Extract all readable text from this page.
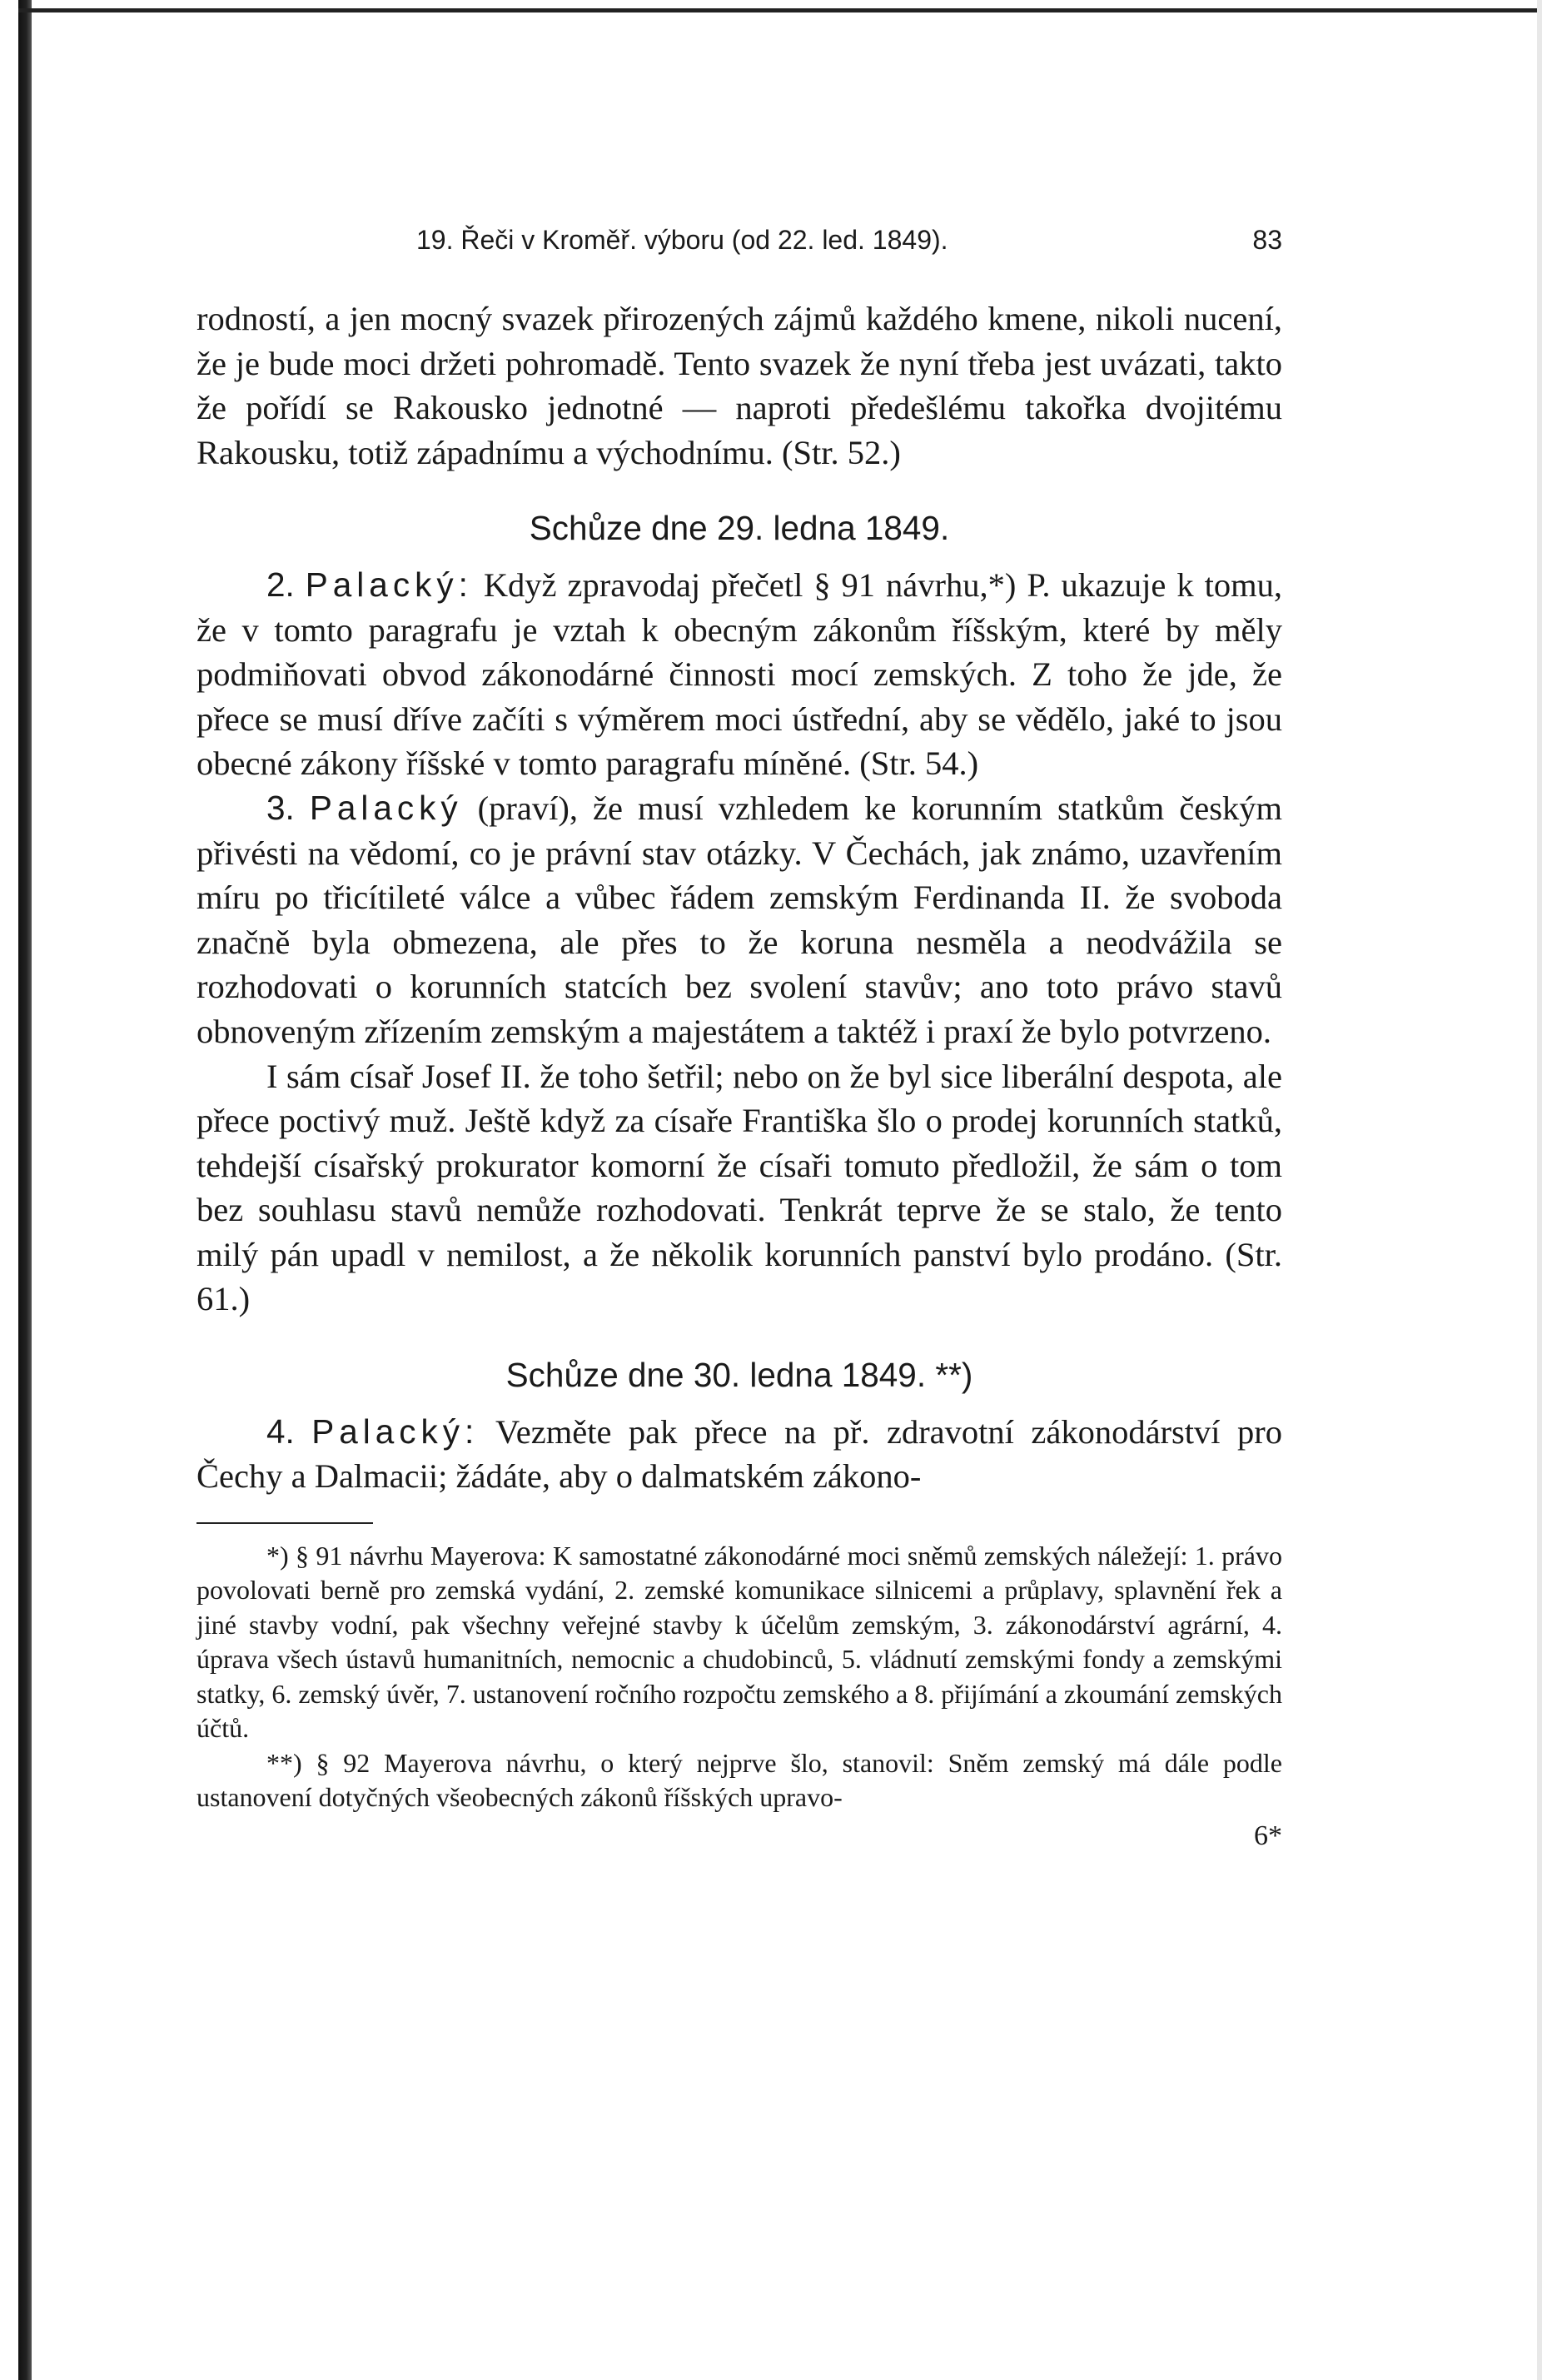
19. Řeči v Kroměř. výboru (od 22. led. 1849).	83

rodností, a jen mocný svazek přirozených zájmů každého kmene, nikoli nucení, že je bude moci držeti pohromadě. Tento svazek že nyní třeba jest uvázati, takto že pořídí se Rakousko jednotné — naproti předešlému takořka dvojitému Rakousku, totiž západnímu a východnímu. (Str. 52.)

Schůze dne 29. ledna 1849.

2. Palacký: Když zpravodaj přečetl § 91 návrhu,*) P. ukazuje k tomu, že v tomto paragrafu je vztah k obecným zákonům říšským, které by měly podmiňovati obvod zákonodárné činnosti mocí zemských. Z toho že jde, že přece se musí dříve začíti s výměrem moci ústřední, aby se vědělo, jaké to jsou obecné zákony říšské v tomto paragrafu míněné. (Str. 54.)

3. Palacký (praví), že musí vzhledem ke korunním statkům českým přivésti na vědomí, co je právní stav otázky. V Čechách, jak známo, uzavřením míru po třicítileté válce a vůbec řádem zemským Ferdinanda II. že svoboda značně byla obmezena, ale přes to že koruna nesměla a neodvážila se rozhodovati o korunních statcích bez svolení stavův; ano toto právo stavů obnoveným zřízením zemským a majestátem a taktéž i praxí že bylo potvrzeno.

I sám císař Josef II. že toho šetřil; nebo on že byl sice liberální despota, ale přece poctivý muž. Ještě když za císaře Františka šlo o prodej korunních statků, tehdejší císařský prokurator komorní že císaři tomuto předložil, že sám o tom bez souhlasu stavů nemůže rozhodovati. Tenkrát teprve že se stalo, že tento milý pán upadl v nemilost, a že několik korunních panství bylo prodáno. (Str. 61.)

Schůze dne 30. ledna 1849. **)

4. Palacký: Vezměte pak přece na př. zdravotní zákonodárství pro Čechy a Dalmacii; žádáte, aby o dalmatském zákono-

*) § 91 návrhu Mayerova: K samostatné zákonodárné moci sněmů zemských náležejí: 1. právo povolovati berně pro zemská vydání, 2. zemské komunikace silnicemi a průplavy, splavnění řek a jiné stavby vodní, pak všechny veřejné stavby k účelům zemským, 3. zákonodárství agrární, 4. úprava všech ústavů humanitních, nemocnic a chudobinců, 5. vládnutí zemskými fondy a zemskými statky, 6. zemský úvěr, 7. ustanovení ročního rozpočtu zemského a 8. přijímání a zkoumání zemských účtů.

**) § 92 Mayerova návrhu, o který nejprve šlo, stanovil: Sněm zemský má dále podle ustanovení dotyčných všeobecných zákonů říšských upravo-

6*
